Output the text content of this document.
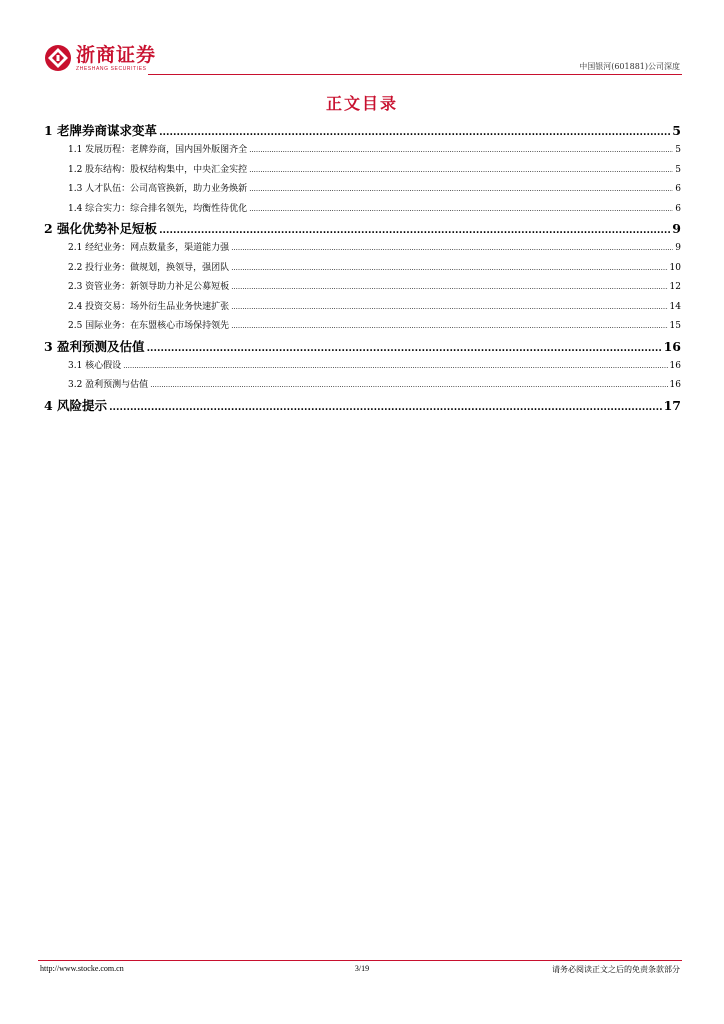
浙商证券
ZHESHANG SECURITIES	中国银河(601881)公司深度
正文目录
1 老牌券商谋求变革 .....	5
1.1 发展历程：老牌券商，国内国外版图齐全 .....	5
1.2 股东结构：股权结构集中，中央汇金实控 .....	5
1.3 人才队伍：公司高管换新，助力业务焕新 .....	6
1.4 综合实力：综合排名领先，均衡性待优化 .....	6
2 强化优势补足短板 .....	9
2.1 经纪业务：网点数量多，渠道能力强 .....	9
2.2 投行业务：做规划，换领导，强团队 .....	10
2.3 资管业务：新领导助力补足公募短板 .....	12
2.4 投资交易：场外衍生品业务快速扩张 .....	14
2.5 国际业务：在东盟核心市场保持领先 .....	15
3 盈利预测及估值 .....	16
3.1 核心假设 .....	16
3.2 盈利预测与估值 .....	16
4 风险提示 .....	17
http://www.stocke.com.cn	3/19	请务必阅读正文之后的免责条款部分
